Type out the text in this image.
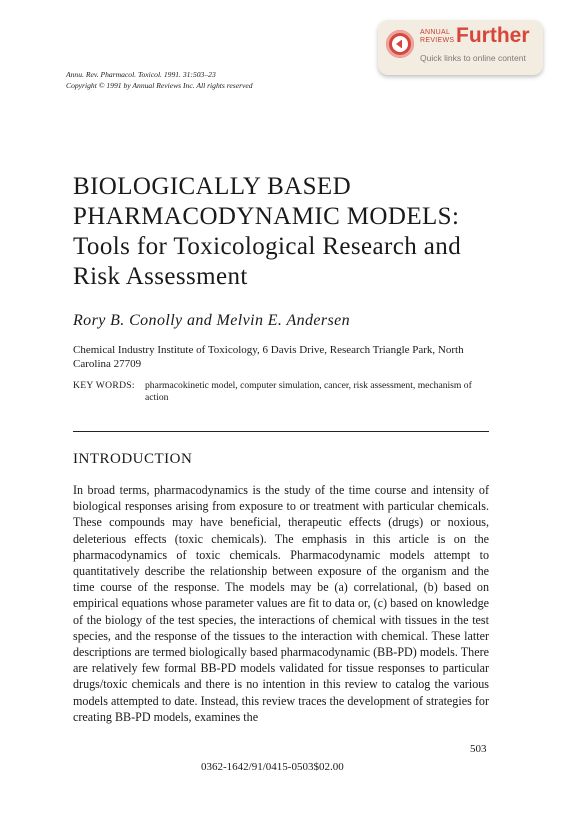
ANNUAL
REVIEWS Further
Quick links to online content
Annu. Rev. Pharmacol. Toxicol. 1991. 31:503–23
Copyright © 1991 by Annual Reviews Inc. All rights reserved
BIOLOGICALLY BASED
PHARMACODYNAMIC MODELS:
Tools for Toxicological Research and
Risk Assessment
Rory B. Conolly and Melvin E. Andersen
Chemical Industry Institute of Toxicology, 6 Davis Drive, Research Triangle Park, North Carolina 27709
KEY WORDS: pharmacokinetic model, computer simulation, cancer, risk assessment, mechanism of action
INTRODUCTION
In broad terms, pharmacodynamics is the study of the time course and intensity of biological responses arising from exposure to or treatment with particular chemicals. These compounds may have beneficial, therapeutic effects (drugs) or noxious, deleterious effects (toxic chemicals). The emphasis in this article is on the pharmacodynamics of toxic chemicals. Pharmacodynamic models attempt to quantitatively describe the relationship between exposure of the organism and the time course of the response. The models may be (a) correlational, (b) based on empirical equations whose parameter values are fit to data or, (c) based on knowledge of the biology of the test species, the interactions of chemical with tissues in the test species, and the response of the tissues to the interaction with chemical. These latter descriptions are termed biologically based pharmacodynamic (BB-PD) models. There are relatively few formal BB-PD models validated for tissue responses to particular drugs/toxic chemicals and there is no intention in this review to catalog the various models attempted to date. Instead, this review traces the development of strategies for creating BB-PD models, examines the
503
0362-1642/91/0415-0503$02.00
